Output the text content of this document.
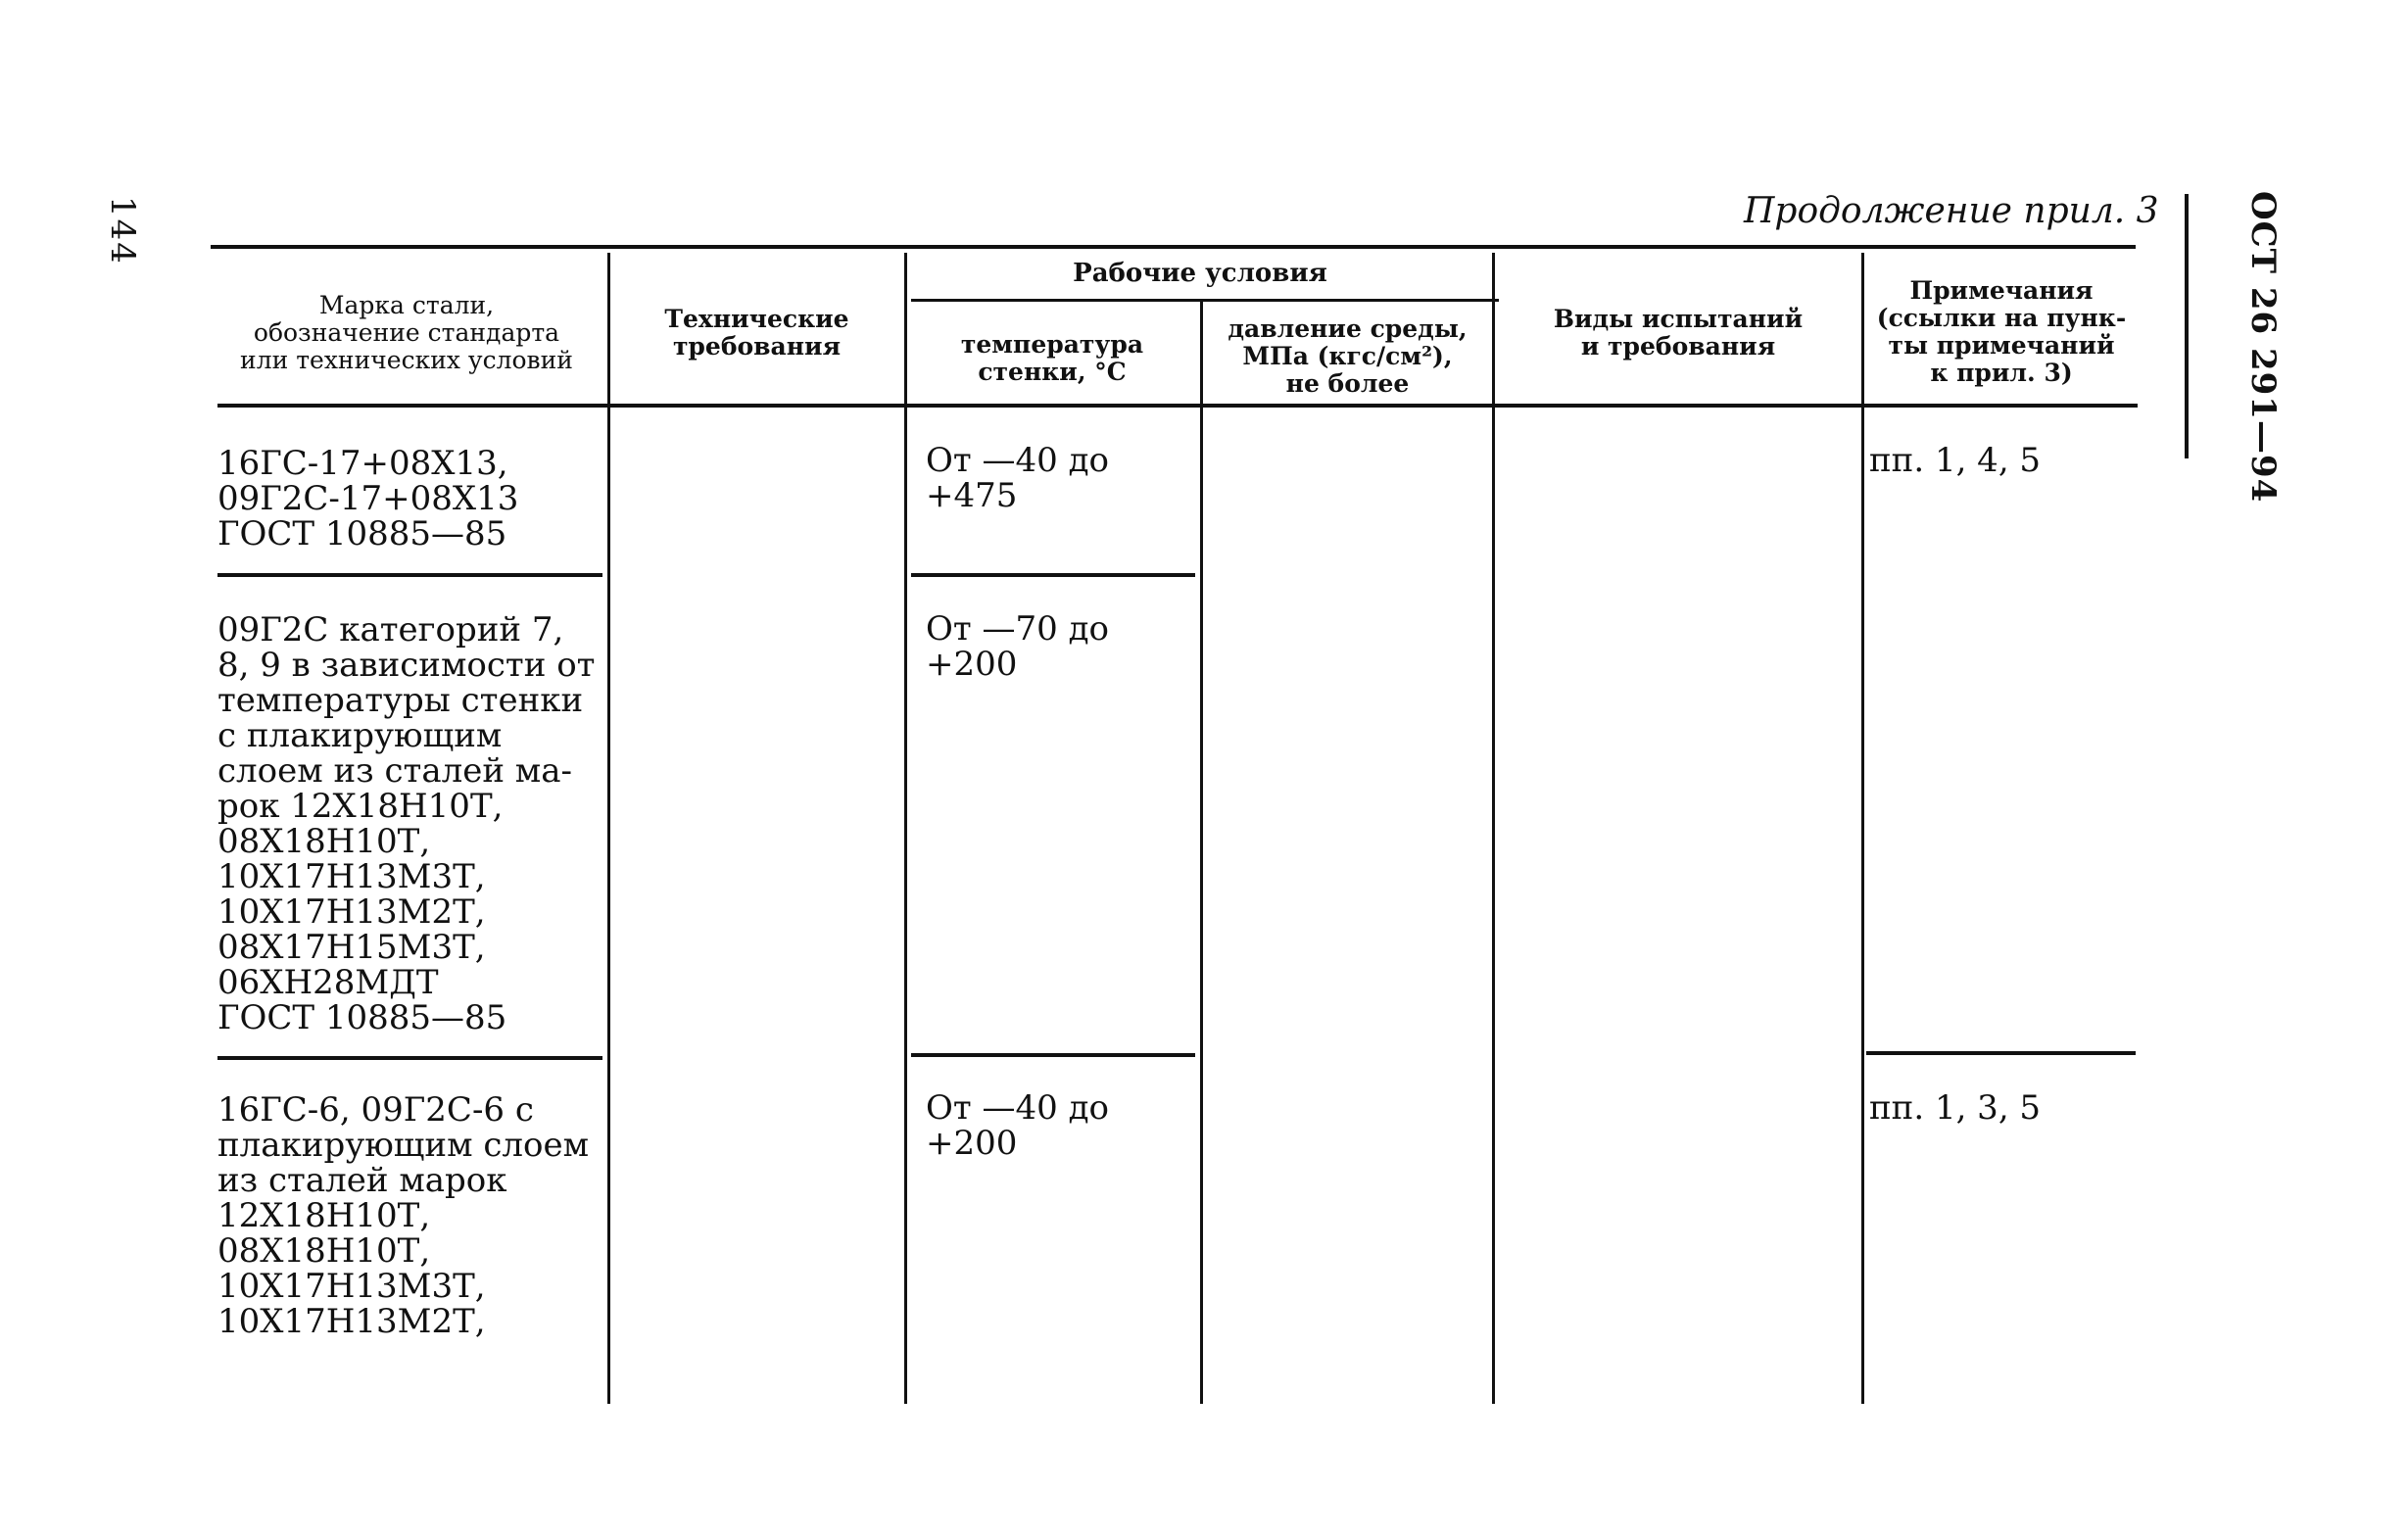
144	ОСТ 26 291—94
Продолжение прил. 3
Марка стали,
обозначение стандарта
или технических условий
Технические
требования
Рабочие условия
температура
стенки, °С
давление среды,
МПа (кгс/см²),
не более
Виды испытаний
и требования
Примечания
(ссылки на пунк-
ты примечаний
к прил. 3)
16ГС-17+08Х13,
09Г2С-17+08Х13
ГОСТ 10885—85
От —40 до
+475
пп. 1, 4, 5
09Г2С категорий 7,
8, 9 в зависимости от
температуры стенки
с плакирующим
слоем из сталей ма-
рок 12Х18Н10Т,
08Х18Н10Т,
10Х17Н13М3Т,
10Х17Н13М2Т,
08Х17Н15М3Т,
06ХН28МДТ
ГОСТ 10885—85
От —70 до
+200
16ГС-6, 09Г2С-6 с
плакирующим слоем
из сталей марок
12Х18Н10Т,
08Х18Н10Т,
10Х17Н13М3Т,
10Х17Н13М2Т,
От —40 до
+200
пп. 1, 3, 5
